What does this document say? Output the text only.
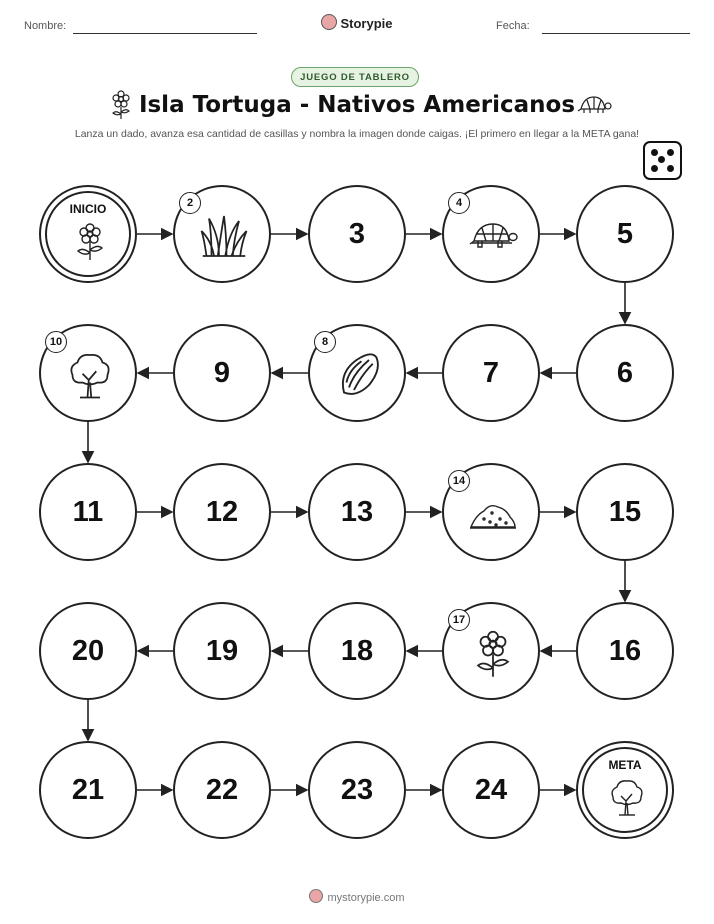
Nombre:	Storypie	Fecha:
JUEGO DE TABLERO
Isla Tortuga - Nativos Americanos
Lanza un dado, avanza esa cantidad de casillas y nombra la imagen donde caigas. ¡El primero en llegar a la META gana!
INICIO	2
3
4
5
6
7
8
9
10
11	12	13
14
15
16
17
18
19
20
21	22	23	24
META
mystorypie.com
